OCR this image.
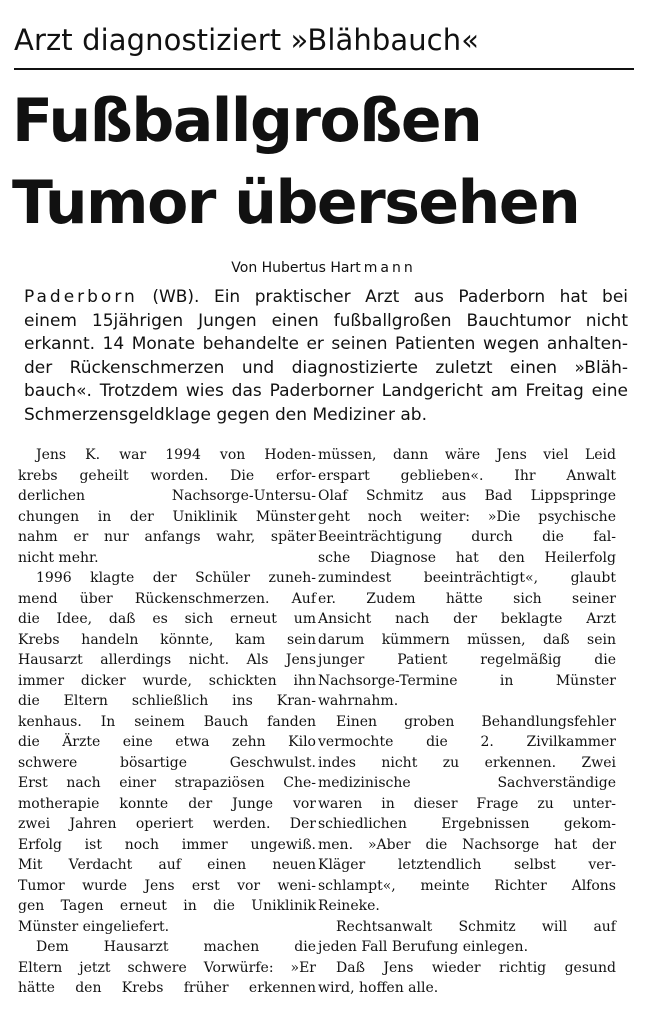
Arzt diagnostiziert »Blähbauch«
Fußballgroßen
Tumor übersehen
Von Hubertus Hartmann
Paderborn (WB). Ein praktischer Arzt aus Paderborn hat bei
einem 15jährigen Jungen einen fußballgroßen Bauchtumor nicht
erkannt. 14 Monate behandelte er seinen Patienten wegen anhalten-
der Rückenschmerzen und diagnostizierte zuletzt einen »Bläh-
bauch«. Trotzdem wies das Paderborner Landgericht am Freitag eine
Schmerzensgeldklage gegen den Mediziner ab.
Jens K. war 1994 von Hoden-
krebs geheilt worden. Die erfor-
derlichen Nachsorge-Untersu-
chungen in der Uniklinik Münster
nahm er nur anfangs wahr, später
nicht mehr.
1996 klagte der Schüler zuneh-
mend über Rückenschmerzen. Auf
die Idee, daß es sich erneut um
Krebs handeln könnte, kam sein
Hausarzt allerdings nicht. Als Jens
immer dicker wurde, schickten ihn
die Eltern schließlich ins Kran-
kenhaus. In seinem Bauch fanden
die Ärzte eine etwa zehn Kilo
schwere bösartige Geschwulst.
Erst nach einer strapaziösen Che-
motherapie konnte der Junge vor
zwei Jahren operiert werden. Der
Erfolg ist noch immer ungewiß.
Mit Verdacht auf einen neuen
Tumor wurde Jens erst vor weni-
gen Tagen erneut in die Uniklinik
Münster eingeliefert.
Dem Hausarzt machen die
Eltern jetzt schwere Vorwürfe: »Er
hätte den Krebs früher erkennen
müssen, dann wäre Jens viel Leid
erspart geblieben«. Ihr Anwalt
Olaf Schmitz aus Bad Lippspringe
geht noch weiter: »Die psychische
Beeinträchtigung durch die fal-
sche Diagnose hat den Heilerfolg
zumindest beeinträchtigt«, glaubt
er. Zudem hätte sich seiner
Ansicht nach der beklagte Arzt
darum kümmern müssen, daß sein
junger Patient regelmäßig die
Nachsorge-Termine in Münster
wahrnahm.
Einen groben Behandlungsfehler
vermochte die 2. Zivilkammer
indes nicht zu erkennen. Zwei
medizinische Sachverständige
waren in dieser Frage zu unter-
schiedlichen Ergebnissen gekom-
men. »Aber die Nachsorge hat der
Kläger letztendlich selbst ver-
schlampt«, meinte Richter Alfons
Reineke.
Rechtsanwalt Schmitz will auf
jeden Fall Berufung einlegen.
Daß Jens wieder richtig gesund
wird, hoffen alle.
